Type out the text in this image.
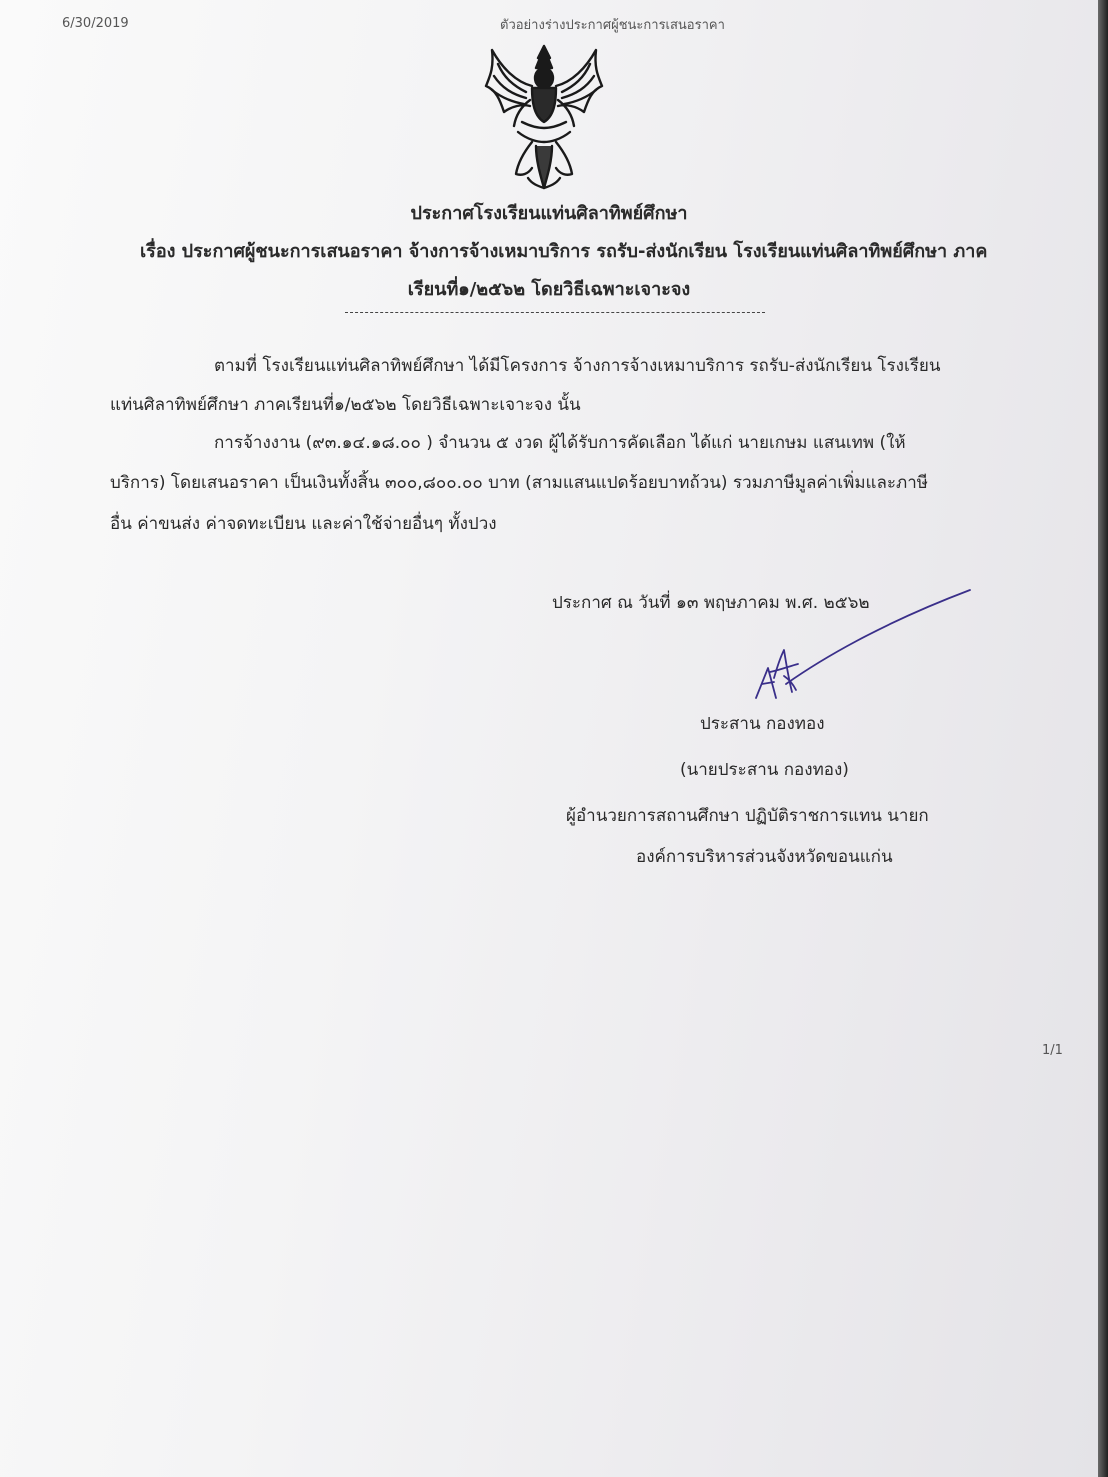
6/30/2019	ตัวอย่างร่างประกาศผู้ชนะการเสนอราคา
ประกาศโรงเรียนแท่นศิลาทิพย์ศึกษา
เรื่อง ประกาศผู้ชนะการเสนอราคา จ้างการจ้างเหมาบริการ รถรับ-ส่งนักเรียน โรงเรียนแท่นศิลาทิพย์ศึกษา ภาค
เรียนที่๑/๒๕๖๒ โดยวิธีเฉพาะเจาะจง
ตามที่ โรงเรียนแท่นศิลาทิพย์ศึกษา ได้มีโครงการ จ้างการจ้างเหมาบริการ รถรับ-ส่งนักเรียน โรงเรียน
แท่นศิลาทิพย์ศึกษา ภาคเรียนที่๑/๒๕๖๒ โดยวิธีเฉพาะเจาะจง นั้น
การจ้างงาน (๙๓.๑๔.๑๘.๐๐ ) จำนวน ๕ งวด ผู้ได้รับการคัดเลือก ได้แก่ นายเกษม แสนเทพ (ให้
บริการ) โดยเสนอราคา เป็นเงินทั้งสิ้น ๓๐๐,๘๐๐.๐๐ บาท (สามแสนแปดร้อยบาทถ้วน) รวมภาษีมูลค่าเพิ่มและภาษี
อื่น ค่าขนส่ง ค่าจดทะเบียน และค่าใช้จ่ายอื่นๆ ทั้งปวง
ประกาศ ณ วันที่ ๑๓ พฤษภาคม พ.ศ. ๒๕๖๒
ประสาน กองทอง
(นายประสาน กองทอง)
ผู้อำนวยการสถานศึกษา ปฏิบัติราชการแทน นายก
องค์การบริหารส่วนจังหวัดขอนแก่น
1/1
